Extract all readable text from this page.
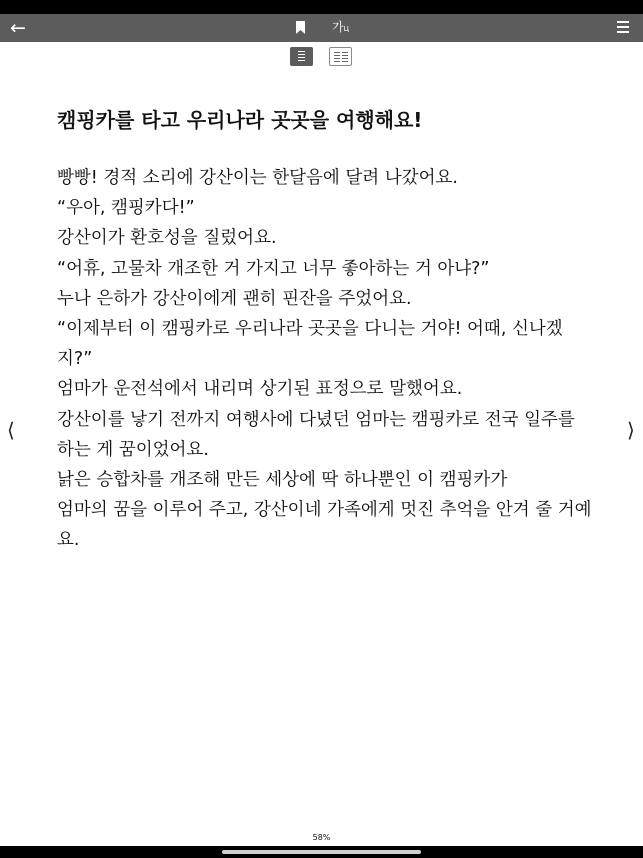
←	가Ц
캠핑카를 타고 우리나라 곳곳을 여행해요!

빵빵! 경적 소리에 강산이는 한달음에 달려 나갔어요.

“우아, 캠핑카다!”

강산이가 환호성을 질렀어요.

“어휴, 고물차 개조한 거 가지고 너무 좋아하는 거 아냐?”

누나 은하가 강산이에게 괜히 핀잔을 주었어요.

“이제부터 이 캠핑카로 우리나라 곳곳을 다니는 거야! 어때, 신나겠지?”

엄마가 운전석에서 내리며 상기된 표정으로 말했어요.

강산이를 낳기 전까지 여행사에 다녔던 엄마는 캠핑카로 전국 일주를 하는 게 꿈이었어요.

낡은 승합차를 개조해 만든 세상에 딱 하나뿐인 이 캠핑카가

엄마의 꿈을 이루어 주고, 강산이네 가족에게 멋진 추억을 안겨 줄 거예요.

⟨	⟩
58%
